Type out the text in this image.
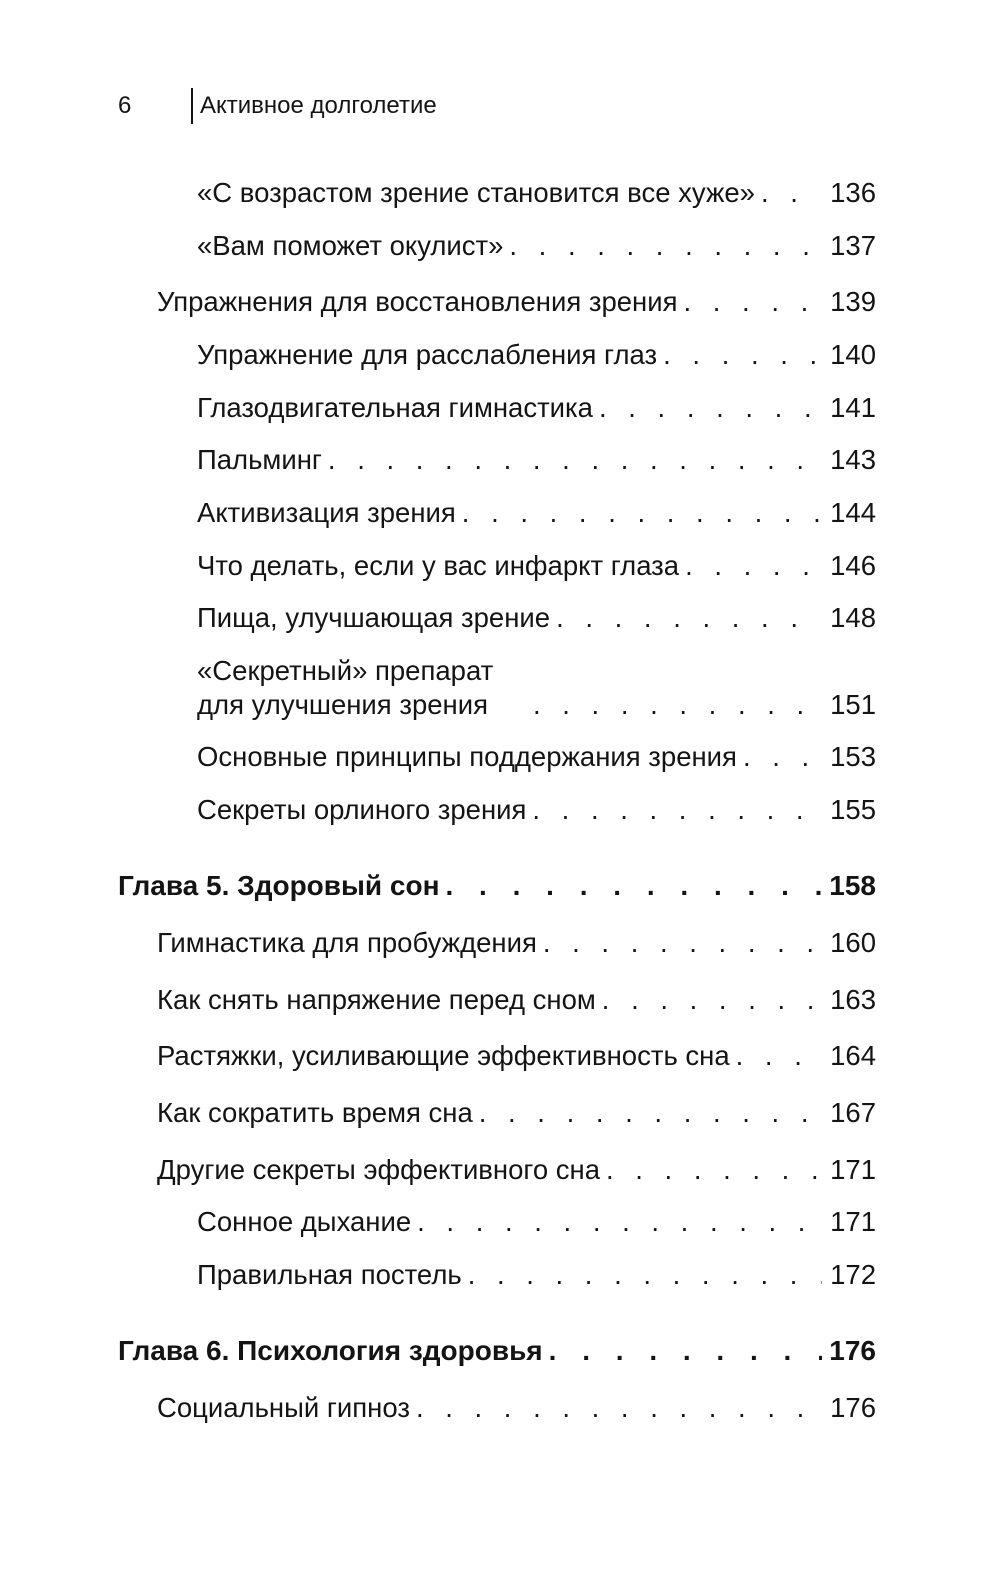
6	Активное долголетие
«С возрастом зрение становится все хуже» . . .	136
«Вам поможет окулист» . . .	137
Упражнения для восстановления зрения . . .	139
Упражнение для расслабления глаз . . .	140
Глазодвигательная гимнастика . . .	141
Пальминг . . .	143
Активизация зрения . . .	144
Что делать, если у вас инфаркт глаза . . .	146
Пища, улучшающая зрение . . .	148
«Секретный» препарат для улучшения зрения . . .	151
Основные принципы поддержания зрения . . .	153
Секреты орлиного зрения . . .	155
Глава 5. Здоровый сон . . .	158
Гимнастика для пробуждения . . .	160
Как снять напряжение перед сном . . .	163
Растяжки, усиливающие эффективность сна . . .	164
Как сократить время сна . . .	167
Другие секреты эффективного сна . . .	171
Сонное дыхание . . .	171
Правильная постель . . .	172
Глава 6. Психология здоровья . . .	176
Социальный гипноз . . .	176
